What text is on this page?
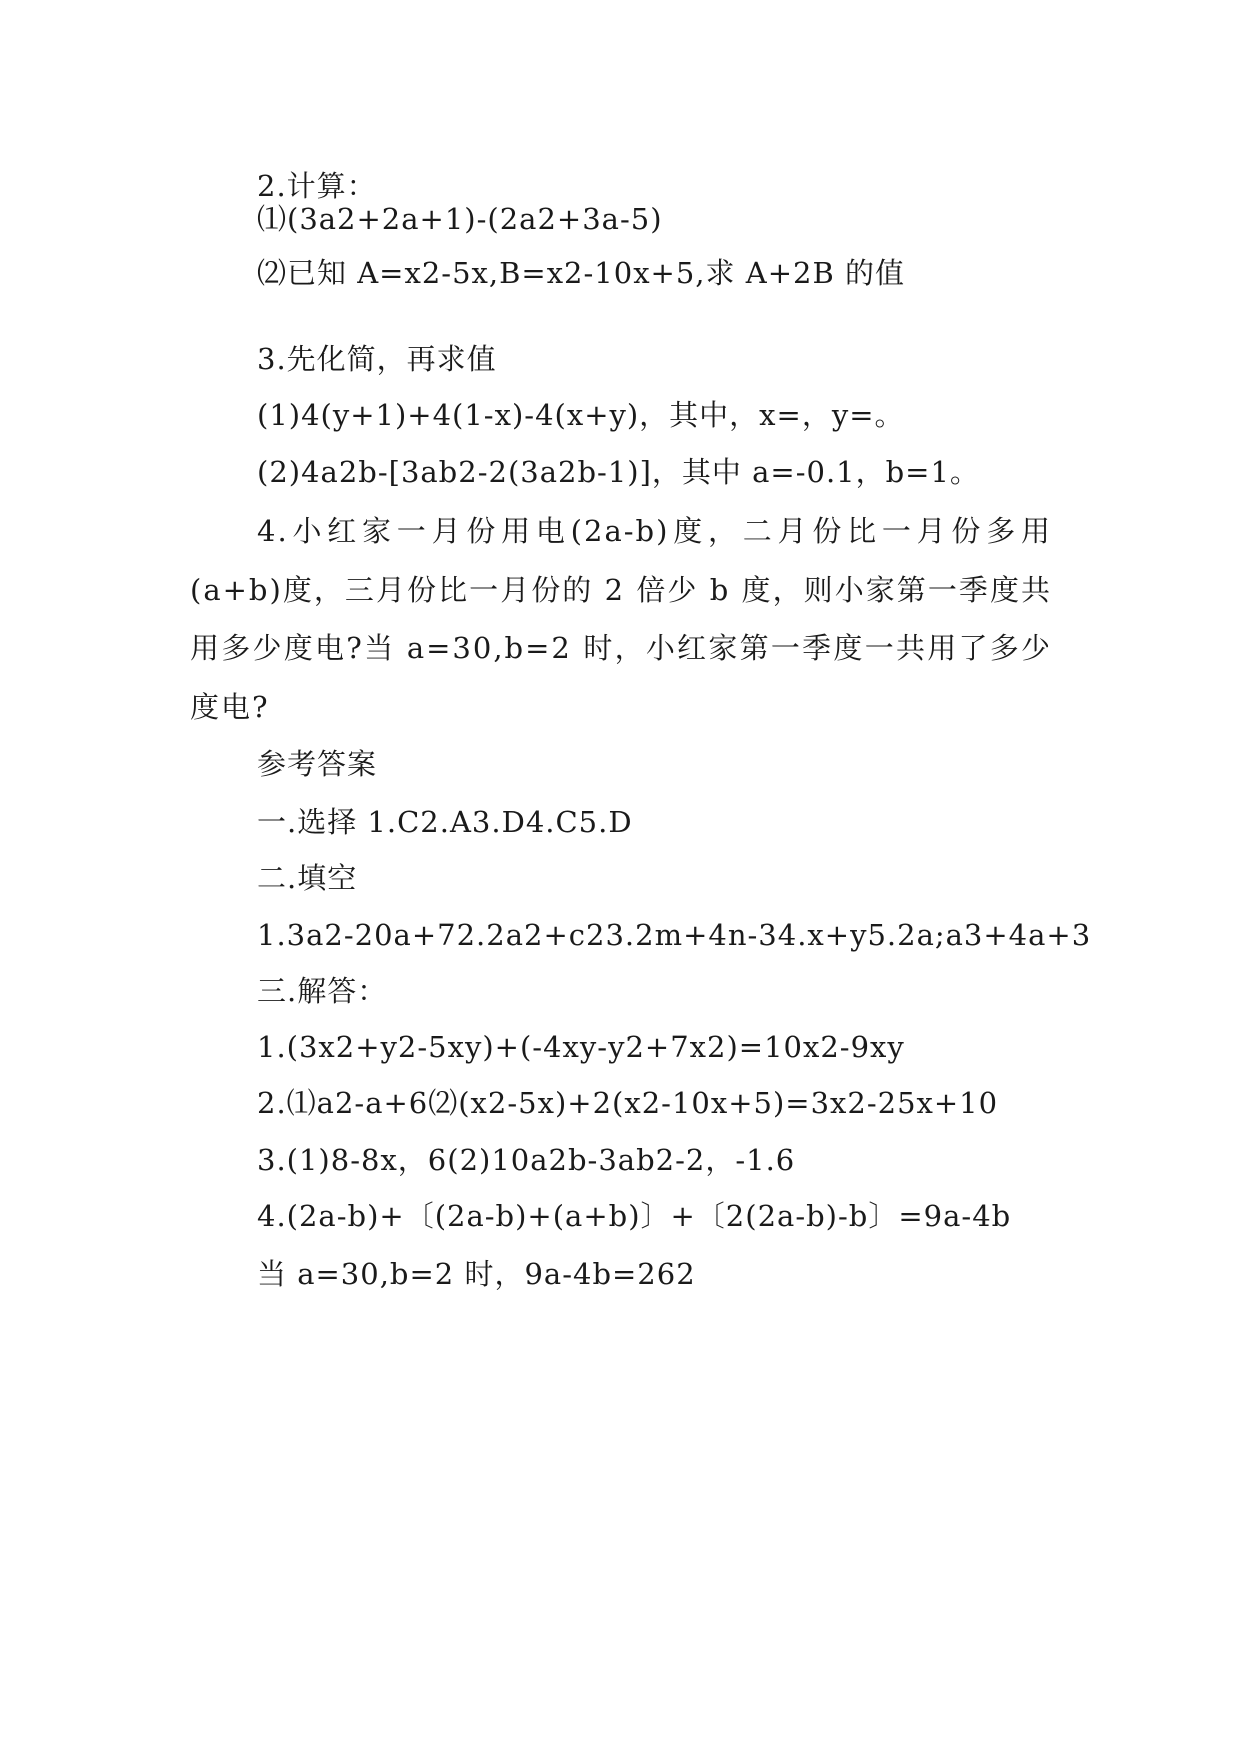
2.计算：
⑴(3a2+2a+1)-(2a2+3a-5)
⑵已知 A=x2-5x,B=x2-10x+5,求 A+2B 的值
3.先化简，再求值
(1)4(y+1)+4(1-x)-4(x+y)，其中，x=，y=。
(2)4a2b-[3ab2-2(3a2b-1)]，其中 a=-0.1，b=1。
4.小红家一月份用电(2a-b)度，二月份比一月份多用(a+b)度，三月份比一月份的 2 倍少 b 度，则小家第一季度共用多少度电?当 a=30,b=2 时，小红家第一季度一共用了多少度电?
参考答案
一.选择 1.C2.A3.D4.C5.D
二.填空
1.3a2-20a+72.2a2+c23.2m+4n-34.x+y5.2a;a3+4a+3
三.解答：
1.(3x2+y2-5xy)+(-4xy-y2+7x2)=10x2-9xy
2.⑴a2-a+6⑵(x2-5x)+2(x2-10x+5)=3x2-25x+10
3.(1)8-8x，6(2)10a2b-3ab2-2，-1.6
4.(2a-b)+〔(2a-b)+(a+b)〕+〔2(2a-b)-b〕=9a-4b
当 a=30,b=2 时，9a-4b=262
